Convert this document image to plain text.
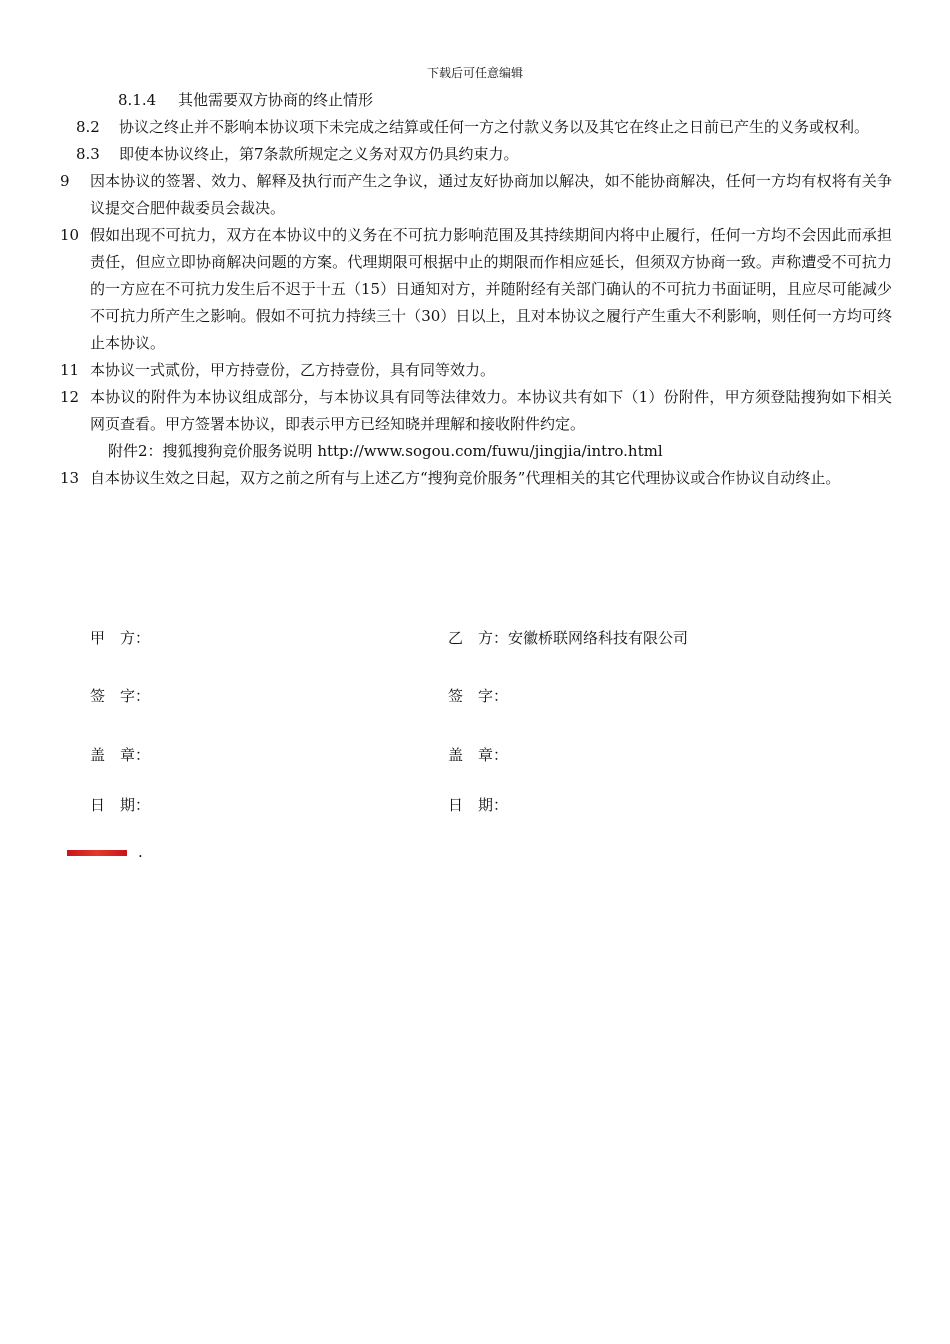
下载后可任意编辑
8.1.4 其他需要双方协商的终止情形
8.2 协议之终止并不影响本协议项下未完成之结算或任何一方之付款义务以及其它在终止之日前已产生的义务或权利。
8.3 即使本协议终止，第7条款所规定之义务对双方仍具约束力。
9 因本协议的签署、效力、解释及执行而产生之争议，通过友好协商加以解决，如不能协商解决，任何一方均有权将有关争议提交合肥仲裁委员会裁决。
10 假如出现不可抗力，双方在本协议中的义务在不可抗力影响范围及其持续期间内将中止履行，任何一方均不会因此而承担责任，但应立即协商解决问题的方案。代理期限可根据中止的期限而作相应延长，但须双方协商一致。声称遭受不可抗力的一方应在不可抗力发生后不迟于十五（15）日通知对方，并随附经有关部门确认的不可抗力书面证明，且应尽可能减少不可抗力所产生之影响。假如不可抗力持续三十（30）日以上，且对本协议之履行产生重大不利影响，则任何一方均可终止本协议。
11 本协议一式贰份，甲方持壹份，乙方持壹份，具有同等效力。
12 本协议的附件为本协议组成部分，与本协议具有同等法律效力。本协议共有如下（1）份附件，甲方须登陆搜狗如下相关网页查看。甲方签署本协议，即表示甲方已经知晓并理解和接收附件约定。
附件2：搜狐搜狗竞价服务说明 http://www.sogou.com/fuwu/jingjia/intro.html
13 自本协议生效之日起，双方之前之所有与上述乙方“搜狗竞价服务”代理相关的其它代理协议或合作协议自动终止。
甲　方：	乙　方：安徽桥联网络科技有限公司
签　字：	签　字：
盖　章：	盖　章：
日　期：	日　期：
.
